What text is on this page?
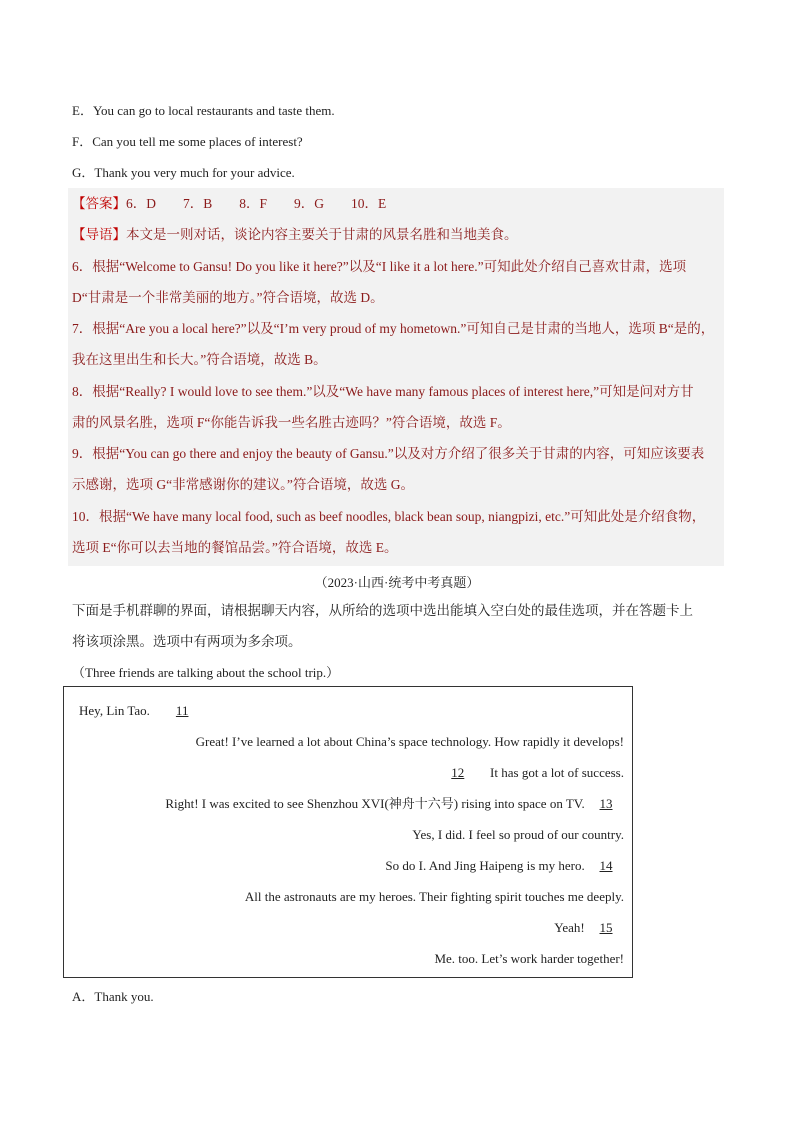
E．You can go to local restaurants and taste them.
F．Can you tell me some places of interest?
G．Thank you very much for your advice.
【答案】6．D　　7．B　　8．F　　9．G　　10．E
【导语】本文是一则对话，谈论内容主要关于甘肃的风景名胜和当地美食。
6．根据“Welcome to Gansu! Do you like it here?”以及“I like it a lot here.”可知此处介绍自己喜欢甘肃，选项
D“甘肃是一个非常美丽的地方。”符合语境，故选 D。
7．根据“Are you a local here?”以及“I’m very proud of my hometown.”可知自己是甘肃的当地人，选项 B“是的，
我在这里出生和长大。”符合语境，故选 B。
8．根据“Really? I would love to see them.”以及“We have many famous places of interest here,”可知是问对方甘
肃的风景名胜，选项 F“你能告诉我一些名胜古迹吗？”符合语境，故选 F。
9．根据“You can go there and enjoy the beauty of Gansu.”以及对方介绍了很多关于甘肃的内容，可知应该要表
示感谢，选项 G“非常感谢你的建议。”符合语境，故选 G。
10．根据“We have many local food, such as beef noodles, black bean soup, niangpizi, etc.”可知此处是介绍食物，
选项 E“你可以去当地的餐馆品尝。”符合语境，故选 E。
（2023·山西·统考中考真题）
下面是手机群聊的界面，请根据聊天内容，从所给的选项中选出能填入空白处的最佳选项，并在答题卡上
将该项涂黑。选项中有两项为多余项。
（Three friends are talking about the school trip.）
Hey, Lin Tao. 11
Great! I’ve learned a lot about China’s space technology. How rapidly it develops!
12 It has got a lot of success.
Right! I was excited to see Shenzhou XVI(神舟十六号) rising into space on TV. 13
Yes, I did. I feel so proud of our country.
So do I. And Jing Haipeng is my hero. 14
All the astronauts are my heroes. Their fighting spirit touches me deeply.
Yeah! 15
Me. too. Let’s work harder together!
A．Thank you.
